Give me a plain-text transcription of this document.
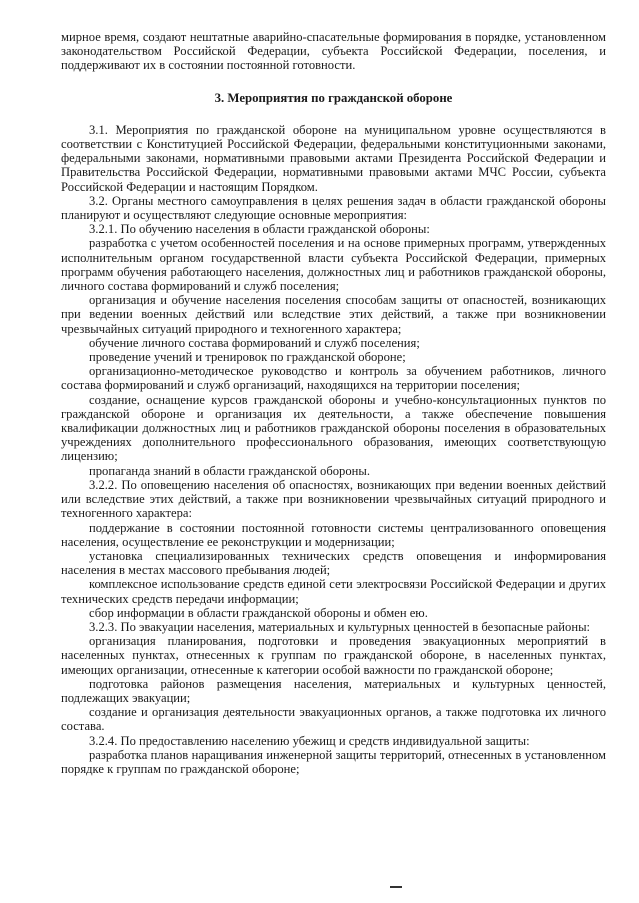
мирное время, создают нештатные аварийно-спасательные формирования в порядке, установленном законодательством Российской Федерации, субъекта Российской Федерации, поселения, и поддерживают их в состоянии постоянной готовности.

3. Мероприятия по гражданской обороне

3.1. Мероприятия по гражданской обороне на муниципальном уровне осуществляются в соответствии с Конституцией Российской Федерации, федеральными конституционными законами, федеральными законами, нормативными правовыми актами Президента Российской Федерации и Правительства Российской Федерации, нормативными правовыми актами МЧС России, субъекта Российской Федерации и настоящим Порядком.

3.2. Органы местного самоуправления в целях решения задач в области гражданской обороны планируют и осуществляют следующие основные мероприятия:

3.2.1. По обучению населения в области гражданской обороны:

разработка с учетом особенностей поселения и на основе примерных программ, утвержденных исполнительным органом государственной власти субъекта Российской Федерации, примерных программ обучения работающего населения, должностных лиц и работников гражданской обороны, личного состава формирований и служб поселения;

организация и обучение населения поселения способам защиты от опасностей, возникающих при ведении военных действий или вследствие этих действий, а также при возникновении чрезвычайных ситуаций природного и техногенного характера;

обучение личного состава формирований и служб поселения;

проведение учений и тренировок по гражданской обороне;

организационно-методическое руководство и контроль за обучением работников, личного состава формирований и служб организаций, находящихся на территории поселения;

создание, оснащение курсов гражданской обороны и учебно-консультационных пунктов по гражданской обороне и организация их деятельности, а также обеспечение повышения квалификации должностных лиц и работников гражданской обороны поселения в образовательных учреждениях дополнительного профессионального образования, имеющих соответствующую лицензию;

пропаганда знаний в области гражданской обороны.

3.2.2. По оповещению населения об опасностях, возникающих при ведении военных действий или вследствие этих действий, а также при возникновении чрезвычайных ситуаций природного и техногенного характера:

поддержание в состоянии постоянной готовности системы централизованного оповещения населения, осуществление ее реконструкции и модернизации;

установка специализированных технических средств оповещения и информирования населения в местах массового пребывания людей;

комплексное использование средств единой сети электросвязи Российской Федерации и других технических средств передачи информации;

сбор информации в области гражданской обороны и обмен ею.

3.2.3. По эвакуации населения, материальных и культурных ценностей в безопасные районы:

организация планирования, подготовки и проведения эвакуационных мероприятий в населенных пунктах, отнесенных к группам по гражданской обороне, в населенных пунктах, имеющих организации, отнесенные к категории особой важности по гражданской обороне;

подготовка районов размещения населения, материальных и культурных ценностей, подлежащих эвакуации;

создание и организация деятельности эвакуационных органов, а также подготовка их личного состава.

3.2.4. По предоставлению населению убежищ и средств индивидуальной защиты:

разработка планов наращивания инженерной защиты территорий, отнесенных в установленном порядке к группам по гражданской обороне;
